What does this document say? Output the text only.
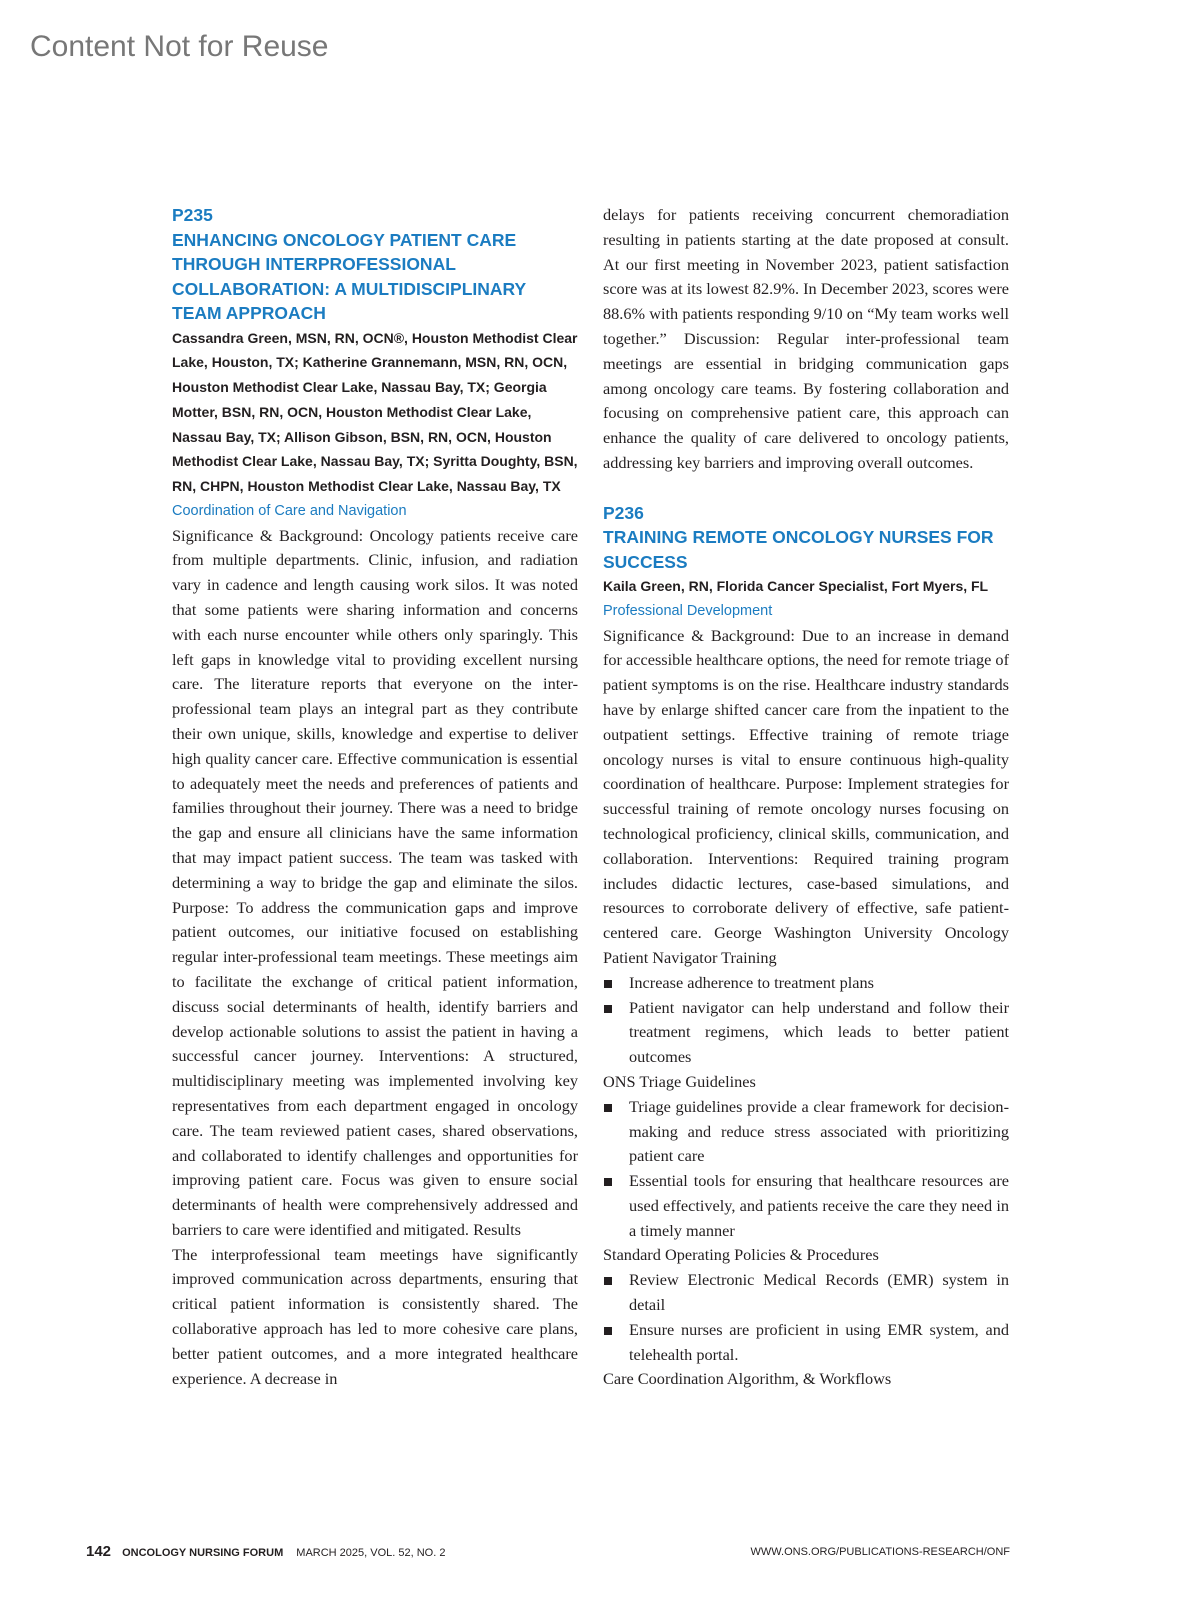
Content Not for Reuse
P235
ENHANCING ONCOLOGY PATIENT CARE THROUGH INTERPROFESSIONAL COLLABORATION: A MULTIDISCIPLINARY TEAM APPROACH
Cassandra Green, MSN, RN, OCN®, Houston Methodist Clear Lake, Houston, TX; Katherine Grannemann, MSN, RN, OCN, Houston Methodist Clear Lake, Nassau Bay, TX; Georgia Motter, BSN, RN, OCN, Houston Methodist Clear Lake, Nassau Bay, TX; Allison Gibson, BSN, RN, OCN, Houston Methodist Clear Lake, Nassau Bay, TX; Syritta Doughty, BSN, RN, CHPN, Houston Methodist Clear Lake, Nassau Bay, TX
Coordination of Care and Navigation

Significance & Background: Oncology patients receive care from multiple departments. Clinic, infusion, and radiation vary in cadence and length causing work silos. It was noted that some patients were sharing information and concerns with each nurse encounter while others only sparingly. This left gaps in knowledge vital to providing excellent nursing care. The literature reports that everyone on the inter-professional team plays an integral part as they contribute their own unique, skills, knowledge and expertise to deliver high quality cancer care. Effective communication is essential to adequately meet the needs and preferences of patients and families throughout their journey. There was a need to bridge the gap and ensure all clinicians have the same information that may impact patient success. The team was tasked with determining a way to bridge the gap and eliminate the silos. Purpose: To address the communication gaps and improve patient outcomes, our initiative focused on establishing regular inter-professional team meetings. These meetings aim to facilitate the exchange of critical patient information, discuss social determinants of health, identify barriers and develop actionable solutions to assist the patient in having a successful cancer journey. Interventions: A structured, multidisciplinary meeting was implemented involving key representatives from each department engaged in oncology care. The team reviewed patient cases, shared observations, and collaborated to identify challenges and opportunities for improving patient care. Focus was given to ensure social determinants of health were comprehensively addressed and barriers to care were identified and mitigated. Results

The interprofessional team meetings have significantly improved communication across departments, ensuring that critical patient information is consistently shared. The collaborative approach has led to more cohesive care plans, better patient outcomes, and a more integrated healthcare experience. A decrease in

delays for patients receiving concurrent chemoradiation resulting in patients starting at the date proposed at consult. At our first meeting in November 2023, patient satisfaction score was at its lowest 82.9%. In December 2023, scores were 88.6% with patients responding 9/10 on “My team works well together.” Discussion: Regular inter-professional team meetings are essential in bridging communication gaps among oncology care teams. By fostering collaboration and focusing on comprehensive patient care, this approach can enhance the quality of care delivered to oncology patients, addressing key barriers and improving overall outcomes.

P236
TRAINING REMOTE ONCOLOGY NURSES FOR SUCCESS
Kaila Green, RN, Florida Cancer Specialist, Fort Myers, FL
Professional Development

Significance & Background: Due to an increase in demand for accessible healthcare options, the need for remote triage of patient symptoms is on the rise. Healthcare industry standards have by enlarge shifted cancer care from the inpatient to the outpatient settings. Effective training of remote triage oncology nurses is vital to ensure continuous high-quality coordination of healthcare. Purpose: Implement strategies for successful training of remote oncology nurses focusing on technological proficiency, clinical skills, communication, and collaboration. Interventions: Required training program includes didactic lectures, case-based simulations, and resources to corroborate delivery of effective, safe patient-centered care. George Washington University Oncology Patient Navigator Training

Increase adherence to treatment plans
Patient navigator can help understand and follow their treatment regimens, which leads to better patient outcomes

ONS Triage Guidelines

Triage guidelines provide a clear framework for decision-making and reduce stress associated with prioritizing patient care
Essential tools for ensuring that healthcare resources are used effectively, and patients receive the care they need in a timely manner

Standard Operating Policies & Procedures

Review Electronic Medical Records (EMR) system in detail
Ensure nurses are proficient in using EMR system, and telehealth portal.

Care Coordination Algorithm, & Workflows

142 ONCOLOGY NURSING FORUM MARCH 2025, VOL. 52, NO. 2	WWW.ONS.ORG/PUBLICATIONS-RESEARCH/ONF
